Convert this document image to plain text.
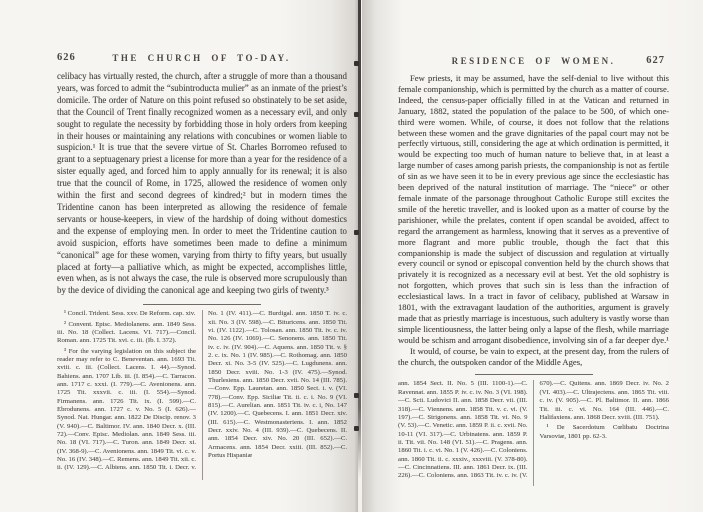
626	THE CHURCH OF TO-DAY.

celibacy has virtually rested, the church, after a struggle of more than a thousand years, was forced to admit the “subintroducta mulier” as an inmate of the priest’s domicile. The order of Nature on this point refused so obstinately to be set aside, that the Council of Trent finally recognized women as a necessary evil, and only sought to regulate the necessity by forbidding those in holy orders from keeping in their houses or maintaining any relations with concubines or women liable to suspicion.¹ It is true that the severe virtue of St. Charles Borromeo refused to grant to a septuagenary priest a license for more than a year for the residence of a sister equally aged, and forced him to apply annually for its renewal; it is also true that the council of Rome, in 1725, allowed the residence of women only within the first and second degrees of kindred;² but in modern times the Tridentine canon has been interpreted as allowing the residence of female servants or house-keepers, in view of the hardship of doing without domestics and the expense of employing men. In order to meet the Tridentine caution to avoid suspicion, efforts have sometimes been made to define a minimum “canonical” age for these women, varying from thirty to fifty years, but usually placed at forty—a palliative which, as might be expected, accomplishes little, even when, as is not always the case, the rule is observed more scrupulously than by the device of dividing the canonical age and keeping two girls of twenty.³

¹ Concil. Trident. Sess. xxv. De Reform. cap. xiv.

² Convent. Episc. Mediolanens. ann. 1849 Sess. iii. No. 18 (Collect. Lacens. VI. 717).—Concil. Roman. ann. 1725 Tit. xvi. c. iii. (Ib. I. 372).

³ For the varying legislation on this subject the reader may refer to C. Beneventan. ann. 1693 Tit. xviii. c. iii. (Collect. Lacens. I. 44).—Synod. Bahiens. ann. 1707 Lib. iii. (I. 854).—C. Tarracon. ann. 1717 c. xxxi. (I. 779).—C. Avenionens. ann. 1725 Tit. xxxvii. c. iii. (I. 554).—Synod. Firmanens. ann. 1726 Tit. ix. (I. 599).—C. Ebrodunens. ann. 1727 c. v. No. 5 (I. 626).—Synod. Nat. Hungar. ann. 1822 De Discip. renov. 3 (V. 940).—C. Baltimor. IV. ann. 1840 Decr. x. (III. 72).—Conv. Episc. Mediolan. ann. 1849 Sess. iii. No. 18 (VI. 717).—C. Turon. ann. 1849 Decr. xi. (IV. 368-9).—C. Avenionens. ann. 1849 Tit. vi. c. v. No. 16 (IV. 348).—C. Remens. ann. 1849 Tit. xii. c. ii. (IV. 129).—C. Albiens. ann. 1850 Tit. i. Decr. v. No. 1 (IV. 411).—C. Burdigal. ann. 1850 T. iv. c. xii. No. 3 (IV. 598).—C. Bituricens. ann. 1850 Tit. vi. (IV. 1122).—C. Tolosan. ann. 1850 Tit. iv. c. iv. No. 126 (IV. 1069).—C. Senonens. ann. 1850 Tit. iv. c. iv. (IV. 904).—C. Aquens. ann. 1850 Tit. v. § 2. c. ix. No. 1 (IV. 985).—C. Rothomag. ann. 1850 Decr. xi. No. 3-5 (IV. 525).—C. Lugdunens. ann. 1850 Decr. xviii. No. 1-3 (IV. 475).—Synod. Thurlesiens. ann. 1850 Decr. xvii. No. 14 (III. 785).—Conv. Epp. Lauretan. ann. 1850 Sect. i. v. (VI. 778).—Conv. Epp. Siciliæ Tit. ii. c. i. No. 9 (VI. 815).—C. Aurelian. ann. 1851 Tit. iv. c. i, No. 147 (IV. 1200).—C. Quebecens. I. ann. 1851 Decr. xiv. (III. 615).—C. Westmonasteriens. I. ann. 1852 Decr. xxiv. No. 4 (III. 939).—C. Quebecens. II. ann. 1854 Decr. xiv. No. 20 (III. 652).—C. Armacens. ann. 1854 Decr. xxiii. (III. 852).—C. Portus Hispaniæ

RESIDENCE OF WOMEN.	627

Few priests, it may be assumed, have the self-denial to live without this female companionship, which is permitted by the church as a matter of course. Indeed, the census-paper officially filled in at the Vatican and returned in January, 1882, stated the population of the palace to be 500, of which one-third were women. While, of course, it does not follow that the relations between these women and the grave dignitaries of the papal court may not be perfectly virtuous, still, considering the age at which ordination is permitted, it would be expecting too much of human nature to believe that, in at least a large number of cases among parish priests, the companionship is not as fertile of sin as we have seen it to be in every previous age since the ecclesiastic has been deprived of the natural institution of marriage. The “niece” or other female inmate of the parsonage throughout Catholic Europe still excites the smile of the heretic traveller, and is looked upon as a matter of course by the parishioner, while the prelates, content if open scandal be avoided, affect to regard the arrangement as harmless, knowing that it serves as a preventive of more flagrant and more public trouble, though the fact that this companionship is made the subject of discussion and regulation at virtually every council or synod or episcopal convention held by the church shows that privately it is recognized as a necessary evil at best. Yet the old sophistry is not forgotten, which proves that such sin is less than the infraction of ecclesiastical laws. In a tract in favor of celibacy, published at Warsaw in 1801, with the extravagant laudation of the authorities, argument is gravely made that as priestly marriage is incestuous, such adultery is vastly worse than simple licentiousness, the latter being only a lapse of the flesh, while marriage would be schism and arrogant disobedience, involving sin of a far deeper dye.¹

It would, of course, be vain to expect, at the present day, from the rulers of the church, the outspoken candor of the Middle Ages,

ann. 1854 Sect. II. No. 5 (III. 1100-1).—C. Ravennat. ann. 1855 P. iv. c. iv. No. 3 (VI. 198).—C. Scti. Ludovici II. ann. 1858 Decr. vii. (III. 318).—C. Viennens. ann. 1858 Tit. v. c. vi. (V. 197).—C. Strigonens. ann. 1858 Tit. vi. No. 9 (V. 53).—C. Venetic. ann. 1859 P. ii. c. xvii. No. 10-11 (VI. 317).—C. Urbinatens. ann. 1859 P. ii. Tit. vii. No. 148 (VI. 51).—C. Pragens. ann. 1860 Tit. i. c. vi. No. 1 (V. 426).—C. Coloniens. ann. 1860 Tit. ii. c. xxxiv., xxxviii. (V. 378-80).—C. Cincinnatiens. III. ann. 1861 Decr. ix. (III. 226).—C. Coloniens. ann. 1863 Tit. iv. c. iv. (V. 670).—C. Quitens. ann. 1869 Decr. iv. No. 2 (VI. 403).—C. Ultrajectens. ann. 1865 Tit. viii. c. iv. (V. 905).—C. Pl. Baltimor. II. ann. 1866 Tit. iii. c. vi. No. 164 (III. 446).—C. Halifaxiens. ann. 1868 Decr. xviii. (III. 751).

¹ De Sacerdotum Cœlibatu Doctrina Varsoviæ, 1801 pp. 62-3.
